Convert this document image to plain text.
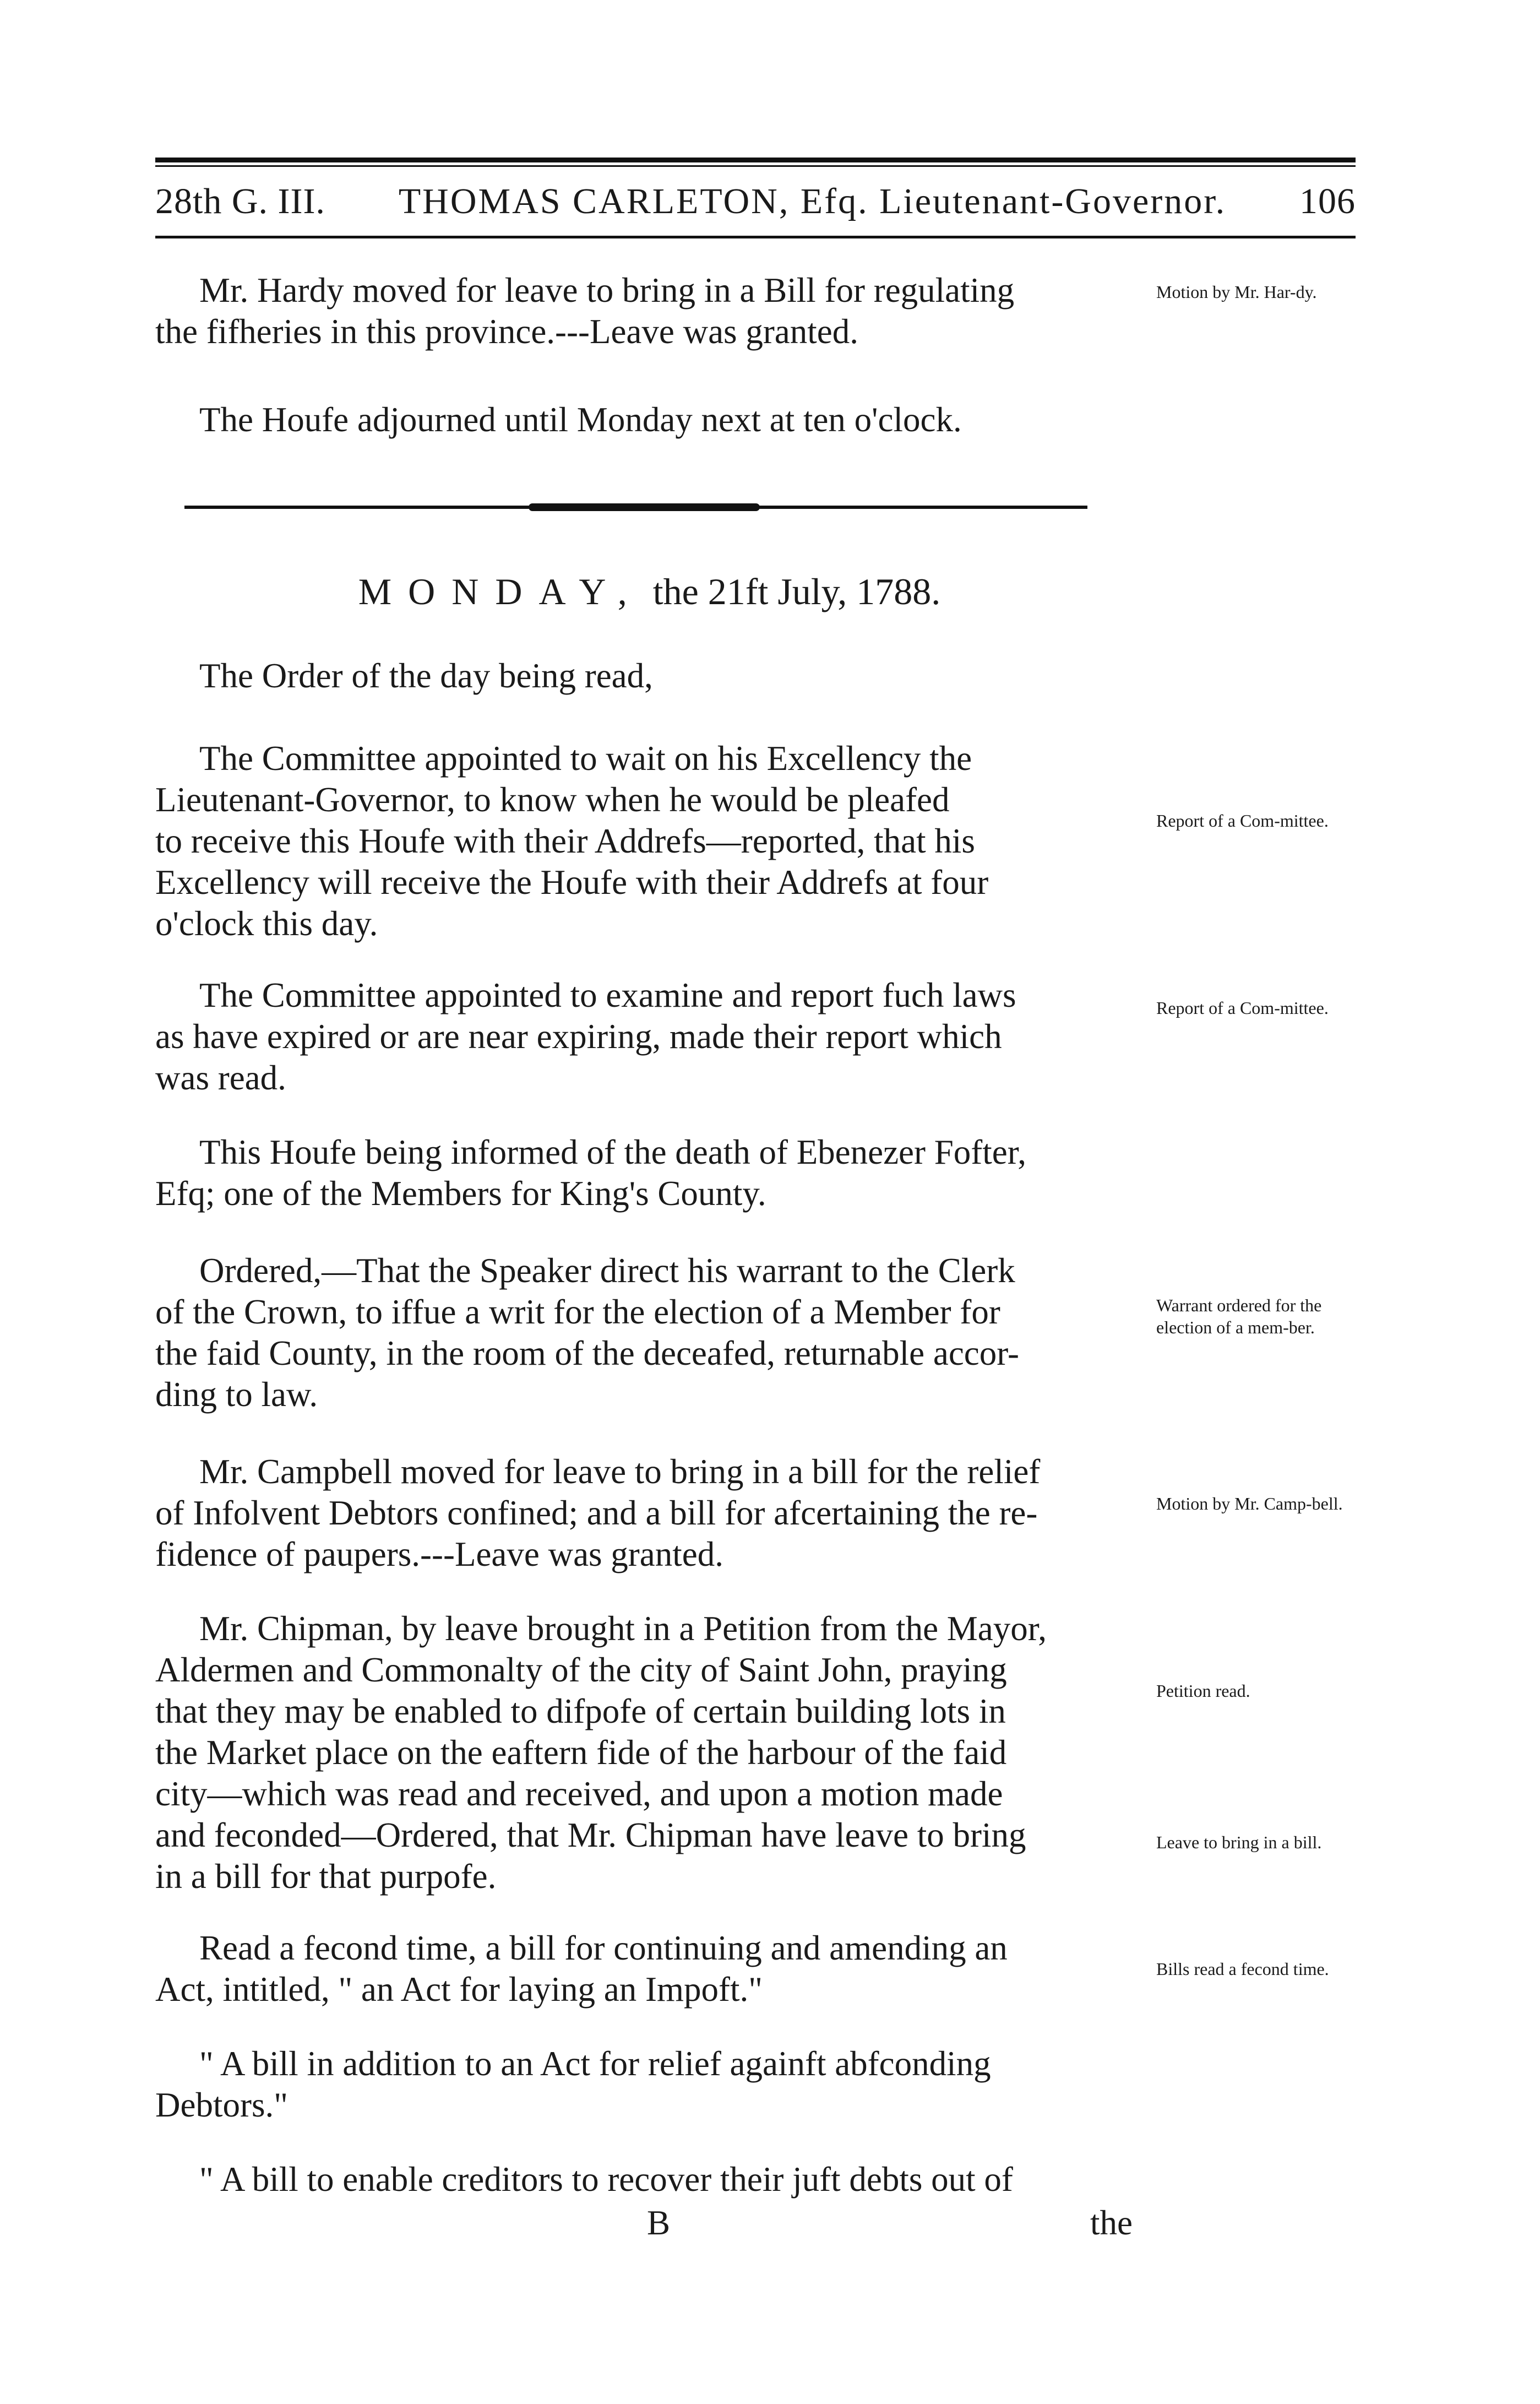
28th G. III. THOMAS CARLETON, Efq. Lieutenant-Governor. 106
Mr. Hardy moved for leave to bring in a Bill for regulating
the fifheries in this province.---Leave was granted.
Motion by Mr. Har-dy.
The Houfe adjourned until Monday next at ten o'clock.
MONDAY, the 21ft July, 1788.
The Order of the day being read,
The Committee appointed to wait on his Excellency the
Lieutenant-Governor, to know when he would be pleafed
to receive this Houfe with their Addrefs—reported, that his
Excellency will receive the Houfe with their Addrefs at four
o'clock this day.
Report of a Com-mittee.
The Committee appointed to examine and report fuch laws
as have expired or are near expiring, made their report which
was read.
Report of a Com-mittee.
This Houfe being informed of the death of Ebenezer Fofter,
Efq; one of the Members for King's County.
Ordered,—That the Speaker direct his warrant to the Clerk
of the Crown, to iffue a writ for the election of a Member for
the faid County, in the room of the deceafed, returnable accor-
ding to law.
Warrant ordered for the election of a mem-ber.
Mr. Campbell moved for leave to bring in a bill for the relief
of Infolvent Debtors confined; and a bill for afcertaining the re-
fidence of paupers.---Leave was granted.
Motion by Mr. Camp-bell.
Mr. Chipman, by leave brought in a Petition from the Mayor,
Aldermen and Commonalty of the city of Saint John, praying
that they may be enabled to difpofe of certain building lots in
the Market place on the eaftern fide of the harbour of the faid
city—which was read and received, and upon a motion made
and feconded—Ordered, that Mr. Chipman have leave to bring
in a bill for that purpofe.
Petition read.
Leave to bring in a bill.
Read a fecond time, a bill for continuing and amending an
Act, intitled, " an Act for laying an Impoft."
Bills read a fecond time.
" A bill in addition to an Act for relief againft abfconding
Debtors."
" A bill to enable creditors to recover their juft debts out of
B	the
